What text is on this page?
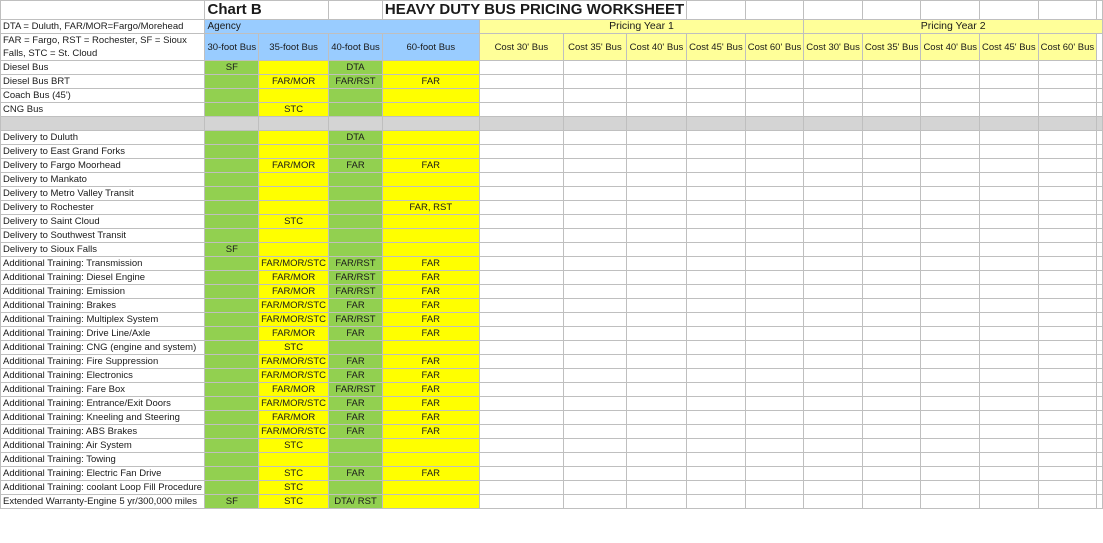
	Chart B			HEAVY DUTY BUS PRICING WORKSHEET											
DTA = Duluth, FAR/MOR=Fargo/Morehead	Agency				Pricing Year 1					Pricing Year 2					
FAR = Fargo, RST = Rochester, SF = Sioux Falls, STC = St. Cloud	30-foot Bus	35-foot Bus	40-foot Bus	60-foot Bus	Cost 30' Bus	Cost 35' Bus	Cost 40' Bus	Cost 45' Bus	Cost 60' Bus	Cost 30' Bus	Cost 35' Bus	Cost 40' Bus	Cost 45' Bus	Cost 60' Bus	
Diesel Bus	SF		DTA												
Diesel Bus BRT		FAR/MOR	FAR/RST	FAR											
Coach Bus (45')															
CNG Bus		STC													

Delivery to Duluth			DTA												
Delivery to East Grand Forks															
Delivery to Fargo Moorhead		FAR/MOR	FAR	FAR											
Delivery to Mankato															
Delivery to Metro Valley Transit															
Delivery to Rochester				FAR, RST											
Delivery to Saint Cloud		STC													
Delivery to Southwest Transit															
Delivery to Sioux Falls	SF														
Additional Training: Transmission		FAR/MOR/STC	FAR/RST	FAR											
Additional Training: Diesel Engine		FAR/MOR	FAR/RST	FAR											
Additional Training: Emission		FAR/MOR	FAR/RST	FAR											
Additional Training: Brakes		FAR/MOR/STC	FAR	FAR											
Additional Training: Multiplex System		FAR/MOR/STC	FAR/RST	FAR											
Additional Training: Drive Line/Axle		FAR/MOR	FAR	FAR											
Additional Training: CNG (engine and system)		STC													
Additional Training: Fire Suppression		FAR/MOR/STC	FAR	FAR											
Additional Training: Electronics		FAR/MOR/STC	FAR	FAR											
Additional Training: Fare Box		FAR/MOR	FAR/RST	FAR											
Additional Training: Entrance/Exit Doors		FAR/MOR/STC	FAR	FAR											
Additional Training: Kneeling and Steering		FAR/MOR	FAR	FAR											
Additional Training: ABS Brakes		FAR/MOR/STC	FAR	FAR											
Additional Training: Air System		STC													
Additional Training: Towing															
Additional Training: Electric Fan Drive		STC	FAR	FAR											
Additional Training: coolant Loop Fill Procedure		STC													
Extended Warranty-Engine 5 yr/300,000 miles	SF	STC	DTA/ RST												
